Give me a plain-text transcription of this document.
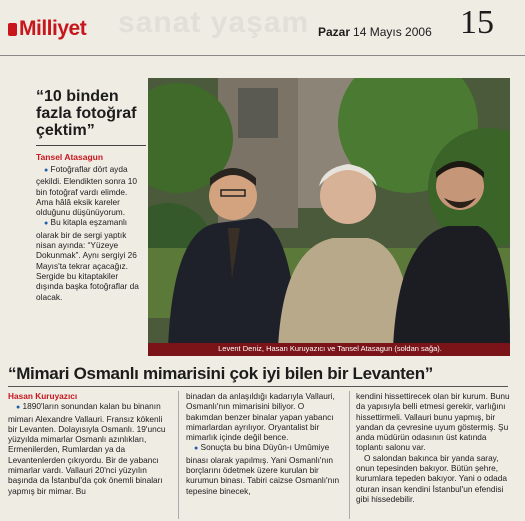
sanat yaşam
Milliyet	Pazar 14 Mayıs 2006 15
“10 binden fazla fotoğraf çektim”
Tansel Atasagun

● Fotoğraflar dört ayda çekildi. Elendikten sonra 10 bin fotoğraf vardı elimde. Ama hâlâ eksik kareler olduğunu düşünüyorum.

● Bu kitapla eşzamanlı olarak bir de sergi yaptık nisan ayında: “Yüzeye Dokunmak”. Aynı sergiyi 26 Mayıs'ta tekrar açacağız. Sergide bu kitaptakiler dışında başka fotoğraflar da olacak.

Levent Deniz, Hasan Kuruyazıcı ve Tansel Atasagun (soldan sağa).
“Mimari Osmanlı mimarisini çok iyi bilen bir Levanten”

Hasan Kuruyazıcı

● 1890'ların sonundan kalan bu binanın mimarı Alexandre Vallauri. Fransız kökenli bir Levanten. Dolayısıyla Osmanlı. 19'uncu yüzyılda mimarlar Osmanlı azınlıkları, Ermenilerden, Rumlardan ya da Levantenlerden çıkıyordu. Bir de yabancı mimarlar vardı. Vallauri 20'nci yüzyılın başında da İstanbul'da çok önemli binaları yapmış bir mimar. Bu

binadan da anlaşıldığı kadarıyla Vallauri, Osmanlı'nın mimarisini biliyor. O bakımdan benzer binalar yapan yabancı mimarlardan ayrılıyor. Oryantalist bir mimarlık içinde değil bence.

● Sonuçta bu bina Düyûn-ı Umûmiye binası olarak yapılmış. Yani Osmanlı'nın borçlarını ödetmek üzere kurulan bir kurumun binası. Tabiri caizse Osmanlı'nın tepesine binecek,

kendini hissettirecek olan bir kurum. Bunu da yapısıyla belli etmesi gerekir, varlığını hissettirmeli. Vallauri bunu yapmış, bir yandan da çevresine uyum göstermiş. Şu anda müdürün odasının üst katında toplantı salonu var.

O salondan bakınca bir yanda saray, onun tepesinden bakıyor. Bütün şehre, kurumlara tepeden bakıyor. Yani o odada oturan insan kendini İstanbul'un efendisi gibi hissedebilir.
